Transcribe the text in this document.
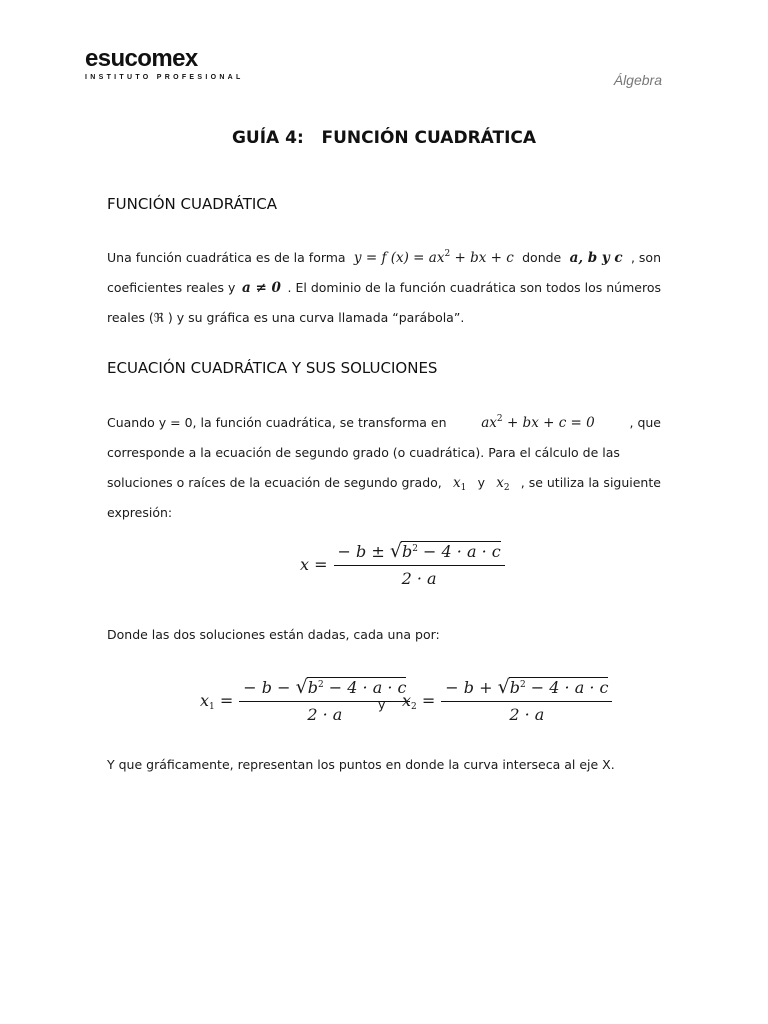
esucomex
INSTITUTO PROFESIONAL	Álgebra
GUÍA 4:   FUNCIÓN CUADRÁTICA
FUNCIÓN CUADRÁTICA
Una función cuadrática es de la forma y = f $(x) = ax^2$ + bx + c donde a, b y c , son
coeficientes reales y a ≠ 0 . El dominio de la función cuadrática son todos los números
reales (ℜ ) y su gráfica es una curva llamada “parábola”.
ECUACIÓN CUADRÁTICA Y SUS SOLUCIONES
Cuando y = 0, la función cuadrática, se transforma en	$ax^2$ + bx + c = 0	, que
corresponde a la ecuación de segundo grado (o cuadrática). Para el cálculo de las
soluciones o raíces de la ecuación de segundo grado, $x_1$ y $x_2$ , se utiliza la siguiente
expresión:
$x = \frac{- b \pm √b^2 - 4 \cdot a \cdot c}{2 \cdot a}$
Donde las dos soluciones están dadas, cada una por:
$x_1 = \frac{- b - √b^2 - 4 \cdot a \cdot c}{2 \cdot a}$
y $x_2 = \frac{- b + √b^2 - 4 \cdot a \cdot c}{2 \cdot a}$
Y que gráficamente, representan los puntos en donde la curva interseca al eje X.
